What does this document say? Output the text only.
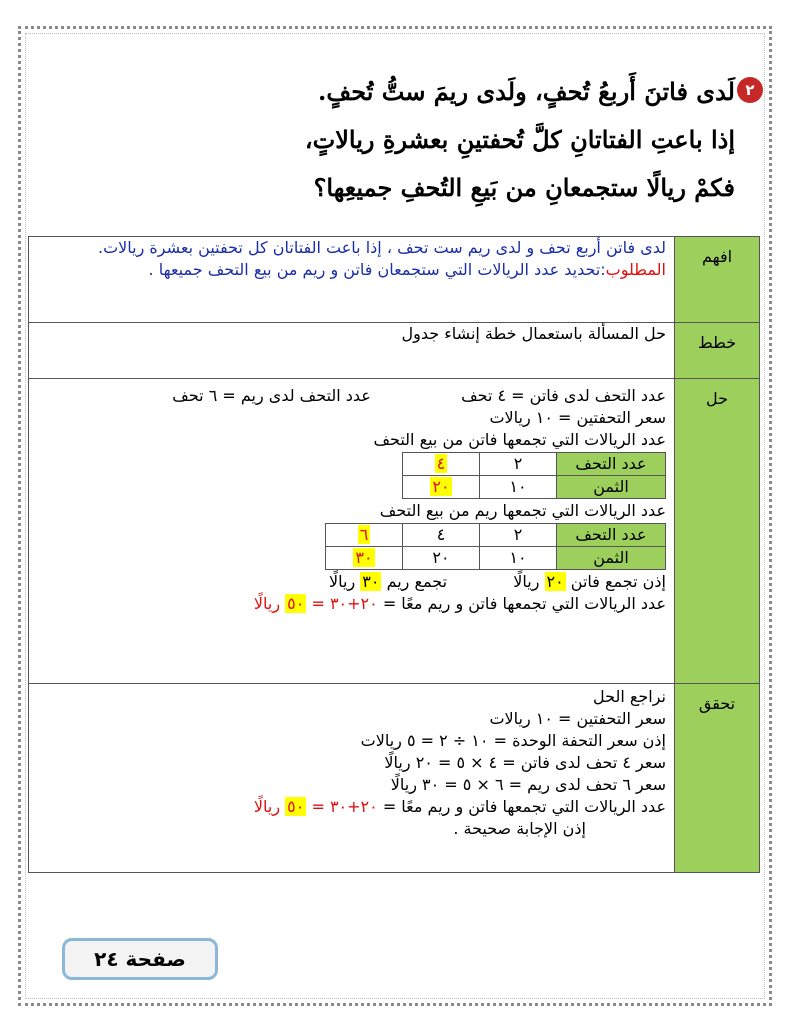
٢
لَدى فاتنَ أَربعُ تُحفٍ، ولَدى ريمَ ستُّ تُحفٍ.
إذا باعتِ الفتاتانِ كلَّ تُحفتينِ بعشرةِ ريالاتٍ،
فكمْ ريالًا ستجمعانِ من بَيعِ التُحفِ جميعِها؟
افهم

لدى فاتن أربع تحف و لدى ريم ست تحف ، إذا باعت الفتاتان كل تحفتين بعشرة ريالات.
المطلوب:تحديد عدد الريالات التي ستجمعان فاتن و ريم من بيع التحف جميعها .

خطط

حل المسألة باستعمال خطة إنشاء جدول

حل

عدد التحف لدى فاتن = ٤ تحف  عدد التحف لدى ريم = ٦ تحف
سعر التحفتين = ١٠ ريالات
عدد الريالات التي تجمعها فاتن من بيع التحف
عدد التحف	٢	٤
الثمن	١٠	٢٠
عدد الريالات التي تجمعها ريم من بيع التحف
عدد التحف	٢	٤	٦
الثمن	١٠	٢٠	٣٠
إذن تجمع فاتن ٢٠ ريالًا  تجمع ريم ٣٠ ريالًا
عدد الريالات التي تجمعها فاتن و ريم معًا = ٢٠+٣٠ = ٥٠ ريالًا

تحقق

نراجع الحل
سعر التحفتين = ١٠ ريالات
إذن سعر التحفة الوحدة = ١٠ ÷ ٢ = ٥ ريالات
سعر ٤ تحف لدى فاتن = ٤ × ٥ = ٢٠ ريالًا
سعر ٦ تحف لدى ريم = ٦ × ٥ = ٣٠ ريالًا
عدد الريالات التي تجمعها فاتن و ريم معًا = ٢٠+٣٠ = ٥٠ ريالًا
إذن الإجابة صحيحة .
صفحة ٢٤
